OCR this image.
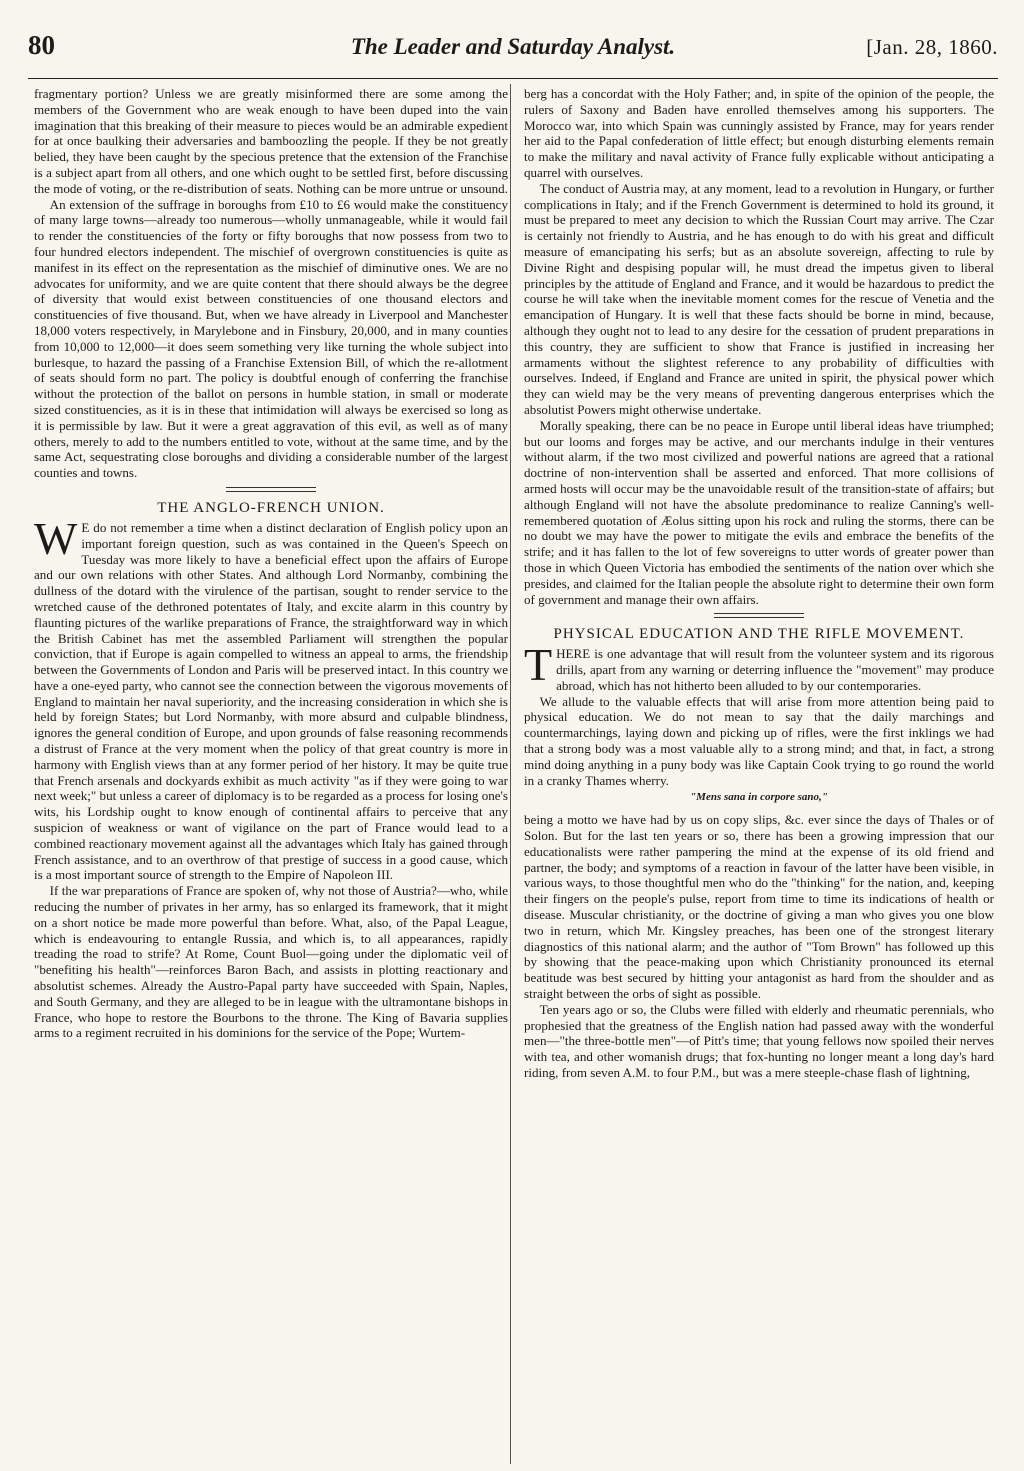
80	The Leader and Saturday Analyst.	[Jan. 28, 1860.

fragmentary portion? Unless we are greatly misinformed there are some among the members of the Government who are weak enough to have been duped into the vain imagination that this breaking of their measure to pieces would be an admirable expedient for at once baulking their adversaries and bamboozling the people. If they be not greatly belied, they have been caught by the specious pretence that the extension of the Franchise is a subject apart from all others, and one which ought to be settled first, before discussing the mode of voting, or the re-distribution of seats. Nothing can be more untrue or unsound.

An extension of the suffrage in boroughs from £10 to £6 would make the constituency of many large towns—already too numerous—wholly unmanageable, while it would fail to render the constituencies of the forty or fifty boroughs that now possess from two to four hundred electors independent. The mischief of overgrown constituencies is quite as manifest in its effect on the representation as the mischief of diminutive ones. We are no advocates for uniformity, and we are quite content that there should always be the degree of diversity that would exist between constituencies of one thousand electors and constituencies of five thousand. But, when we have already in Liverpool and Manchester 18,000 voters respectively, in Marylebone and in Finsbury, 20,000, and in many counties from 10,000 to 12,000—it does seem something very like turning the whole subject into burlesque, to hazard the passing of a Franchise Extension Bill, of which the re-allotment of seats should form no part. The policy is doubtful enough of conferring the franchise without the protection of the ballot on persons in humble station, in small or moderate sized constituencies, as it is in these that intimidation will always be exercised so long as it is permissible by law. But it were a great aggravation of this evil, as well as of many others, merely to add to the numbers entitled to vote, without at the same time, and by the same Act, sequestrating close boroughs and dividing a considerable number of the largest counties and towns.

THE ANGLO-FRENCH UNION.

W E do not remember a time when a distinct declaration of English policy upon an important foreign question, such as was contained in the Queen's Speech on Tuesday was more likely to have a beneficial effect upon the affairs of Europe and our own relations with other States. And although Lord Normanby, combining the dullness of the dotard with the virulence of the partisan, sought to render service to the wretched cause of the dethroned potentates of Italy, and excite alarm in this country by flaunting pictures of the warlike preparations of France, the straightforward way in which the British Cabinet has met the assembled Parliament will strengthen the popular conviction, that if Europe is again compelled to witness an appeal to arms, the friendship between the Governments of London and Paris will be preserved intact. In this country we have a one-eyed party, who cannot see the connection between the vigorous movements of England to maintain her naval superiority, and the increasing consideration in which she is held by foreign States; but Lord Normanby, with more absurd and culpable blindness, ignores the general condition of Europe, and upon grounds of false reasoning recommends a distrust of France at the very moment when the policy of that great country is more in harmony with English views than at any former period of her history. It may be quite true that French arsenals and dockyards exhibit as much activity "as if they were going to war next week;" but unless a career of diplomacy is to be regarded as a process for losing one's wits, his Lordship ought to know enough of continental affairs to perceive that any suspicion of weakness or want of vigilance on the part of France would lead to a combined reactionary movement against all the advantages which Italy has gained through French assistance, and to an overthrow of that prestige of success in a good cause, which is a most important source of strength to the Empire of Napoleon III.

If the war preparations of France are spoken of, why not those of Austria?—who, while reducing the number of privates in her army, has so enlarged its framework, that it might on a short notice be made more powerful than before. What, also, of the Papal League, which is endeavouring to entangle Russia, and which is, to all appearances, rapidly treading the road to strife? At Rome, Count Buol—going under the diplomatic veil of "benefiting his health"—reinforces Baron Bach, and assists in plotting reactionary and absolutist schemes. Already the Austro-Papal party have succeeded with Spain, Naples, and South Germany, and they are alleged to be in league with the ultramontane bishops in France, who hope to restore the Bourbons to the throne. The King of Bavaria supplies arms to a regiment recruited in his dominions for the service of the Pope; Wurtem-

berg has a concordat with the Holy Father; and, in spite of the opinion of the people, the rulers of Saxony and Baden have enrolled themselves among his supporters. The Morocco war, into which Spain was cunningly assisted by France, may for years render her aid to the Papal confederation of little effect; but enough disturbing elements remain to make the military and naval activity of France fully explicable without anticipating a quarrel with ourselves.

The conduct of Austria may, at any moment, lead to a revolution in Hungary, or further complications in Italy; and if the French Government is determined to hold its ground, it must be prepared to meet any decision to which the Russian Court may arrive. The Czar is certainly not friendly to Austria, and he has enough to do with his great and difficult measure of emancipating his serfs; but as an absolute sovereign, affecting to rule by Divine Right and despising popular will, he must dread the impetus given to liberal principles by the attitude of England and France, and it would be hazardous to predict the course he will take when the inevitable moment comes for the rescue of Venetia and the emancipation of Hungary. It is well that these facts should be borne in mind, because, although they ought not to lead to any desire for the cessation of prudent preparations in this country, they are sufficient to show that France is justified in increasing her armaments without the slightest reference to any probability of difficulties with ourselves. Indeed, if England and France are united in spirit, the physical power which they can wield may be the very means of preventing dangerous enterprises which the absolutist Powers might otherwise undertake.

Morally speaking, there can be no peace in Europe until liberal ideas have triumphed; but our looms and forges may be active, and our merchants indulge in their ventures without alarm, if the two most civilized and powerful nations are agreed that a rational doctrine of non-intervention shall be asserted and enforced. That more collisions of armed hosts will occur may be the unavoidable result of the transition-state of affairs; but although England will not have the absolute predominance to realize Canning's well-remembered quotation of Æolus sitting upon his rock and ruling the storms, there can be no doubt we may have the power to mitigate the evils and embrace the benefits of the strife; and it has fallen to the lot of few sovereigns to utter words of greater power than those in which Queen Victoria has embodied the sentiments of the nation over which she presides, and claimed for the Italian people the absolute right to determine their own form of government and manage their own affairs.

PHYSICAL EDUCATION AND THE RIFLE MOVEMENT.

THERE is one advantage that will result from the volunteer system and its rigorous drills, apart from any warning or deterring influence the "movement" may produce abroad, which has not hitherto been alluded to by our contemporaries.

We allude to the valuable effects that will arise from more attention being paid to physical education. We do not mean to say that the daily marchings and countermarchings, laying down and picking up of rifles, were the first inklings we had that a strong body was a most valuable ally to a strong mind; and that, in fact, a strong mind doing anything in a puny body was like Captain Cook trying to go round the world in a cranky Thames wherry.

"Mens sana in corpore sano,"

being a motto we have had by us on copy slips, &c. ever since the days of Thales or of Solon. But for the last ten years or so, there has been a growing impression that our educationalists were rather pampering the mind at the expense of its old friend and partner, the body; and symptoms of a reaction in favour of the latter have been visible, in various ways, to those thoughtful men who do the "thinking" for the nation, and, keeping their fingers on the people's pulse, report from time to time its indications of health or disease. Muscular christianity, or the doctrine of giving a man who gives you one blow two in return, which Mr. Kingsley preaches, has been one of the strongest literary diagnostics of this national alarm; and the author of "Tom Brown" has followed up this by showing that the peace-making upon which Christianity pronounced its eternal beatitude was best secured by hitting your antagonist as hard from the shoulder and as straight between the orbs of sight as possible.

Ten years ago or so, the Clubs were filled with elderly and rheumatic perennials, who prophesied that the greatness of the English nation had passed away with the wonderful men—"the three-bottle men"—of Pitt's time; that young fellows now spoiled their nerves with tea, and other womanish drugs; that fox-hunting no longer meant a long day's hard riding, from seven A.M. to four P.M., but was a mere steeple-chase flash of lightning,
